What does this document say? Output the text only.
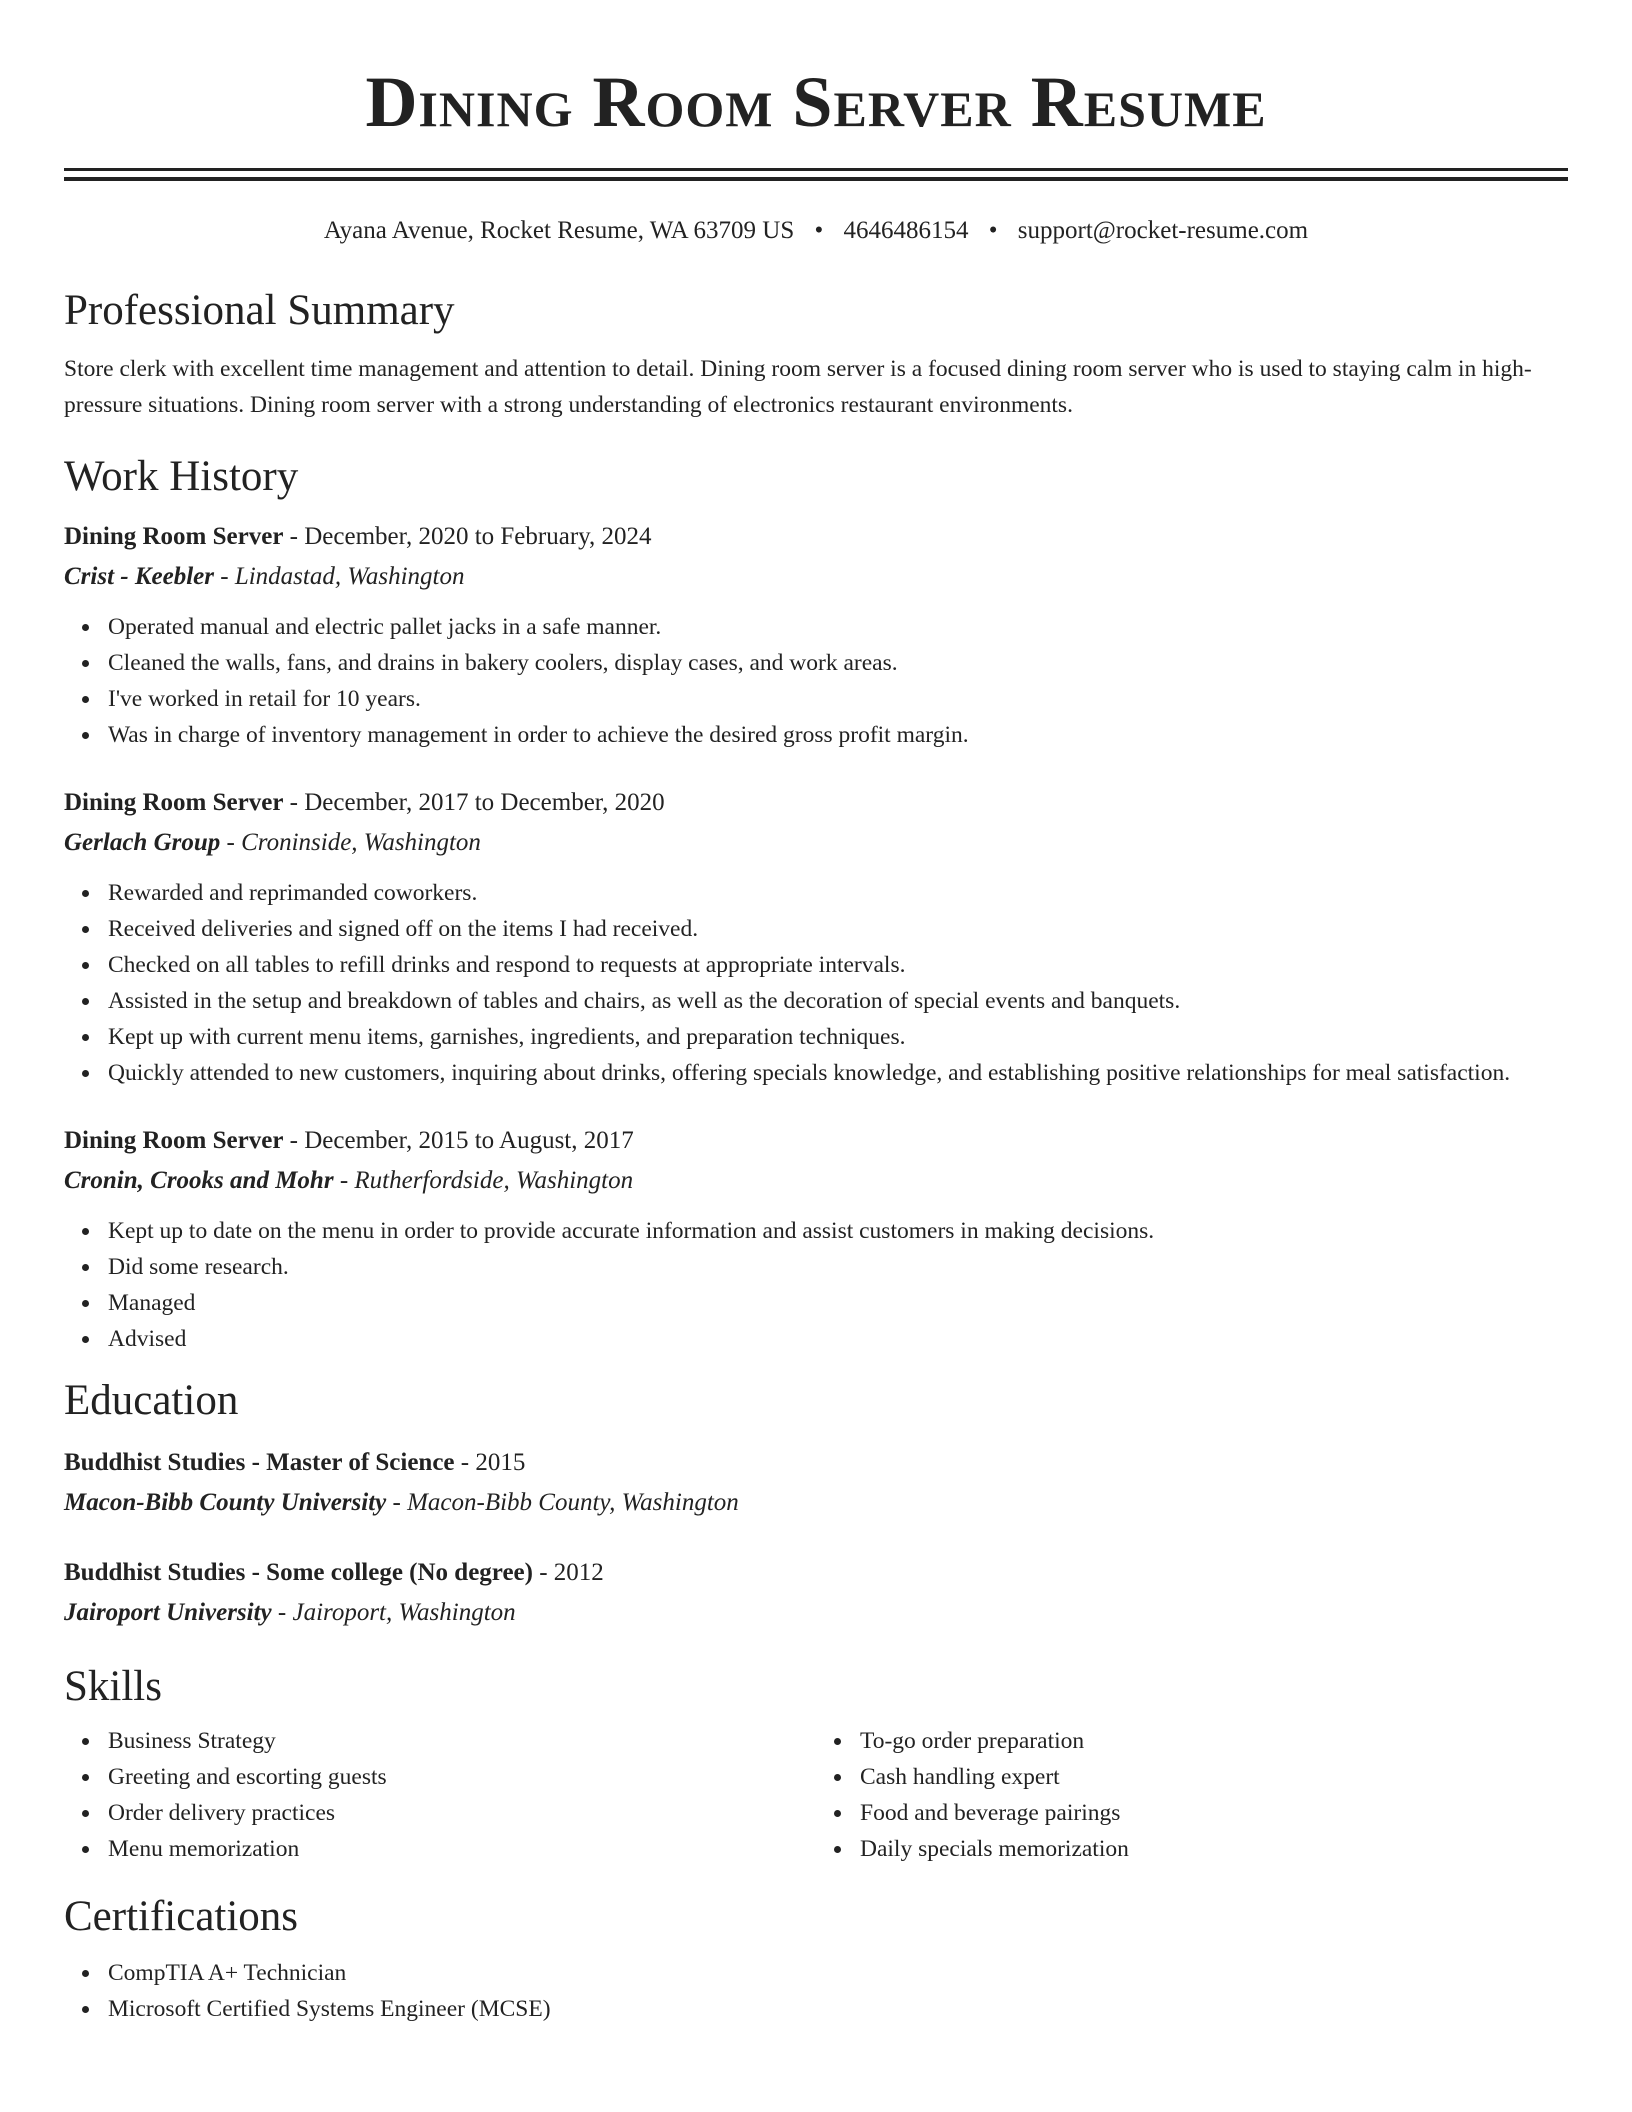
Dining Room Server Resume
Ayana Avenue, Rocket Resume, WA 63709 US • 4646486154 • support@rocket-resume.com
Professional Summary
Store clerk with excellent time management and attention to detail. Dining room server is a focused dining room server who is used to staying calm in high-pressure situations. Dining room server with a strong understanding of electronics restaurant environments.
Work History
Dining Room Server - December, 2020 to February, 2024
Crist - Keebler - Lindastad, Washington
Operated manual and electric pallet jacks in a safe manner.
Cleaned the walls, fans, and drains in bakery coolers, display cases, and work areas.
I've worked in retail for 10 years.
Was in charge of inventory management in order to achieve the desired gross profit margin.
Dining Room Server - December, 2017 to December, 2020
Gerlach Group - Croninside, Washington
Rewarded and reprimanded coworkers.
Received deliveries and signed off on the items I had received.
Checked on all tables to refill drinks and respond to requests at appropriate intervals.
Assisted in the setup and breakdown of tables and chairs, as well as the decoration of special events and banquets.
Kept up with current menu items, garnishes, ingredients, and preparation techniques.
Quickly attended to new customers, inquiring about drinks, offering specials knowledge, and establishing positive relationships for meal satisfaction.
Dining Room Server - December, 2015 to August, 2017
Cronin, Crooks and Mohr - Rutherfordside, Washington
Kept up to date on the menu in order to provide accurate information and assist customers in making decisions.
Did some research.
Managed
Advised
Education
Buddhist Studies - Master of Science - 2015
Macon-Bibb County University - Macon-Bibb County, Washington
Buddhist Studies - Some college (No degree) - 2012
Jairoport University - Jairoport, Washington
Skills
Business Strategy
Greeting and escorting guests
Order delivery practices
Menu memorization
To-go order preparation
Cash handling expert
Food and beverage pairings
Daily specials memorization
Certifications
CompTIA A+ Technician
Microsoft Certified Systems Engineer (MCSE)
